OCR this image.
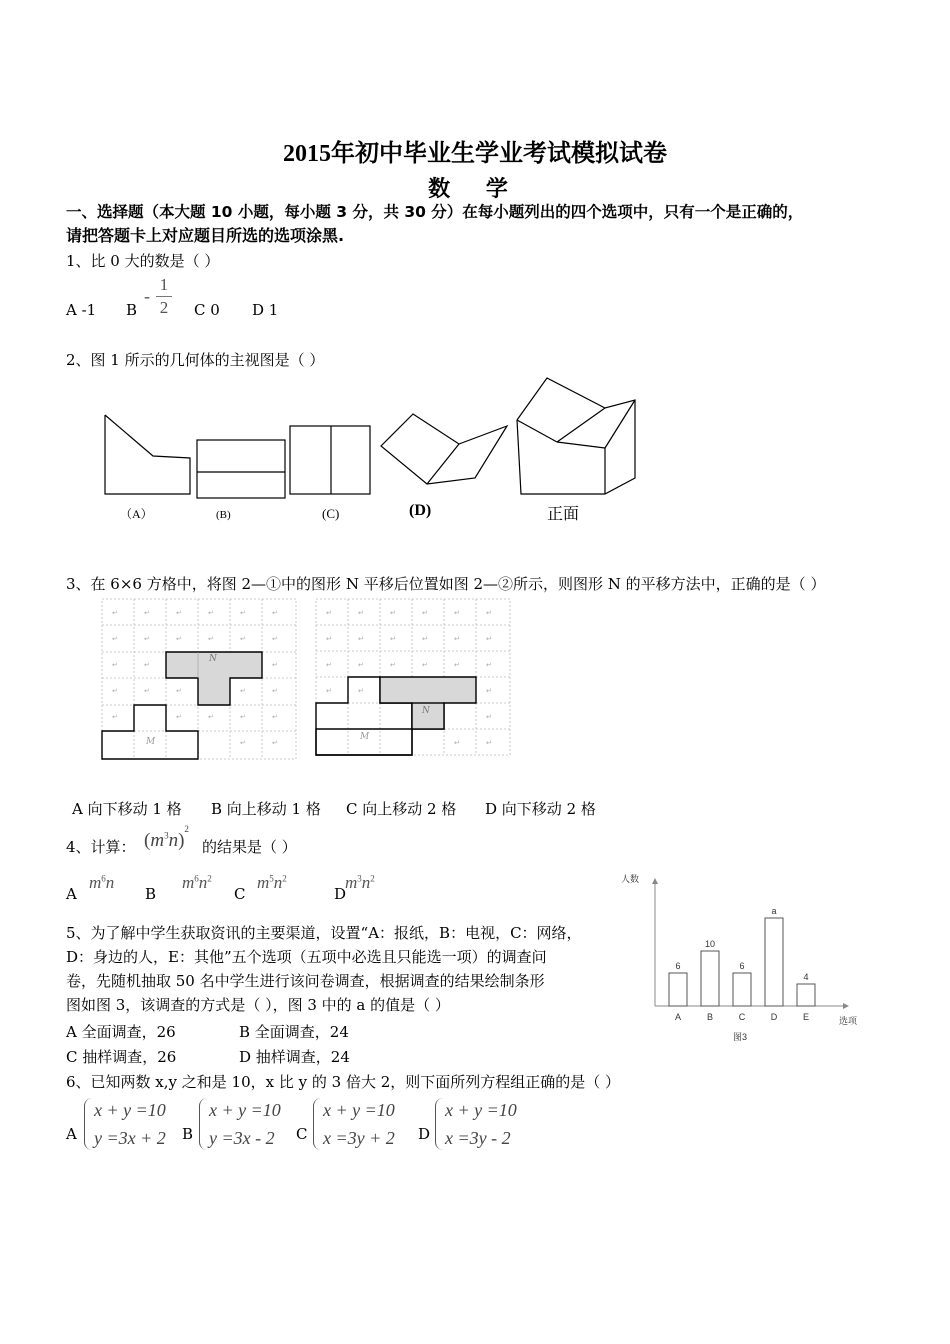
2015年初中毕业生学业考试模拟试卷
数 学
一、选择题（本大题 10 小题，每小题 3 分，共 30 分）在每小题列出的四个选项中，只有一个是正确的，
请把答题卡上对应题目所选的选项涂黑.
1、比 0 大的数是（ ）
A -1 B
-
1
2 C 0 D 1
2、图 1 所示的几何体的主视图是（ ）
（A）	(B)	(C)	(D)	正面
3、在 6×6 方格中，将图 2—①中的图形 N 平移后位置如图 2—②所示，则图形 N 的平移方法中，正确的是（ ）
↵	↵	↵	↵	↵	↵
↵	↵	↵	↵	↵	↵
↵	↵	↵
↵	↵	↵	↵	↵
↵	↵	↵	↵	↵
↵	↵
↵	↵	↵	↵	↵	↵
↵	↵	↵	↵	↵	↵
↵	↵	↵	↵	↵	↵
↵	↵	↵
↵
↵	↵
N
M
N
M
A 向下移动 1 格 B 向上移动 1 格 C 向上移动 2 格 D 向下移动 2 格
4、计算： $(m^3n)^2$
的结果是（ ）
A
$m^6n$
B
$m^6n^2$
C
$m^5n^2$
D
$m^3n^2$
5、为了解中学生获取资讯的主要渠道，设置“A：报纸，B：电视，C：网络，
D：身边的人，E：其他”五个选项（五项中必选且只能选一项）的调查问
卷，先随机抽取 50 名中学生进行该问卷调查，根据调查的结果绘制条形
图如图 3，该调查的方式是（ ），图 3 中的 a 的值是（ ）
A 全面调查，26	B 全面调查，24
C 抽样调查，26	D 抽样调查，24
人数
选项
图3
6
A
10
B
6
C
a
D
4
E
6、已知两数 x,y 之和是 10，x 比 y 的 3 倍大 2，则下面所列方程组正确的是（ ）
A
x + y =10
y =3x + 2	B
x + y =10
y =3x - 2	C
x + y =10
x =3y + 2	D
x + y =10
x =3y - 2
